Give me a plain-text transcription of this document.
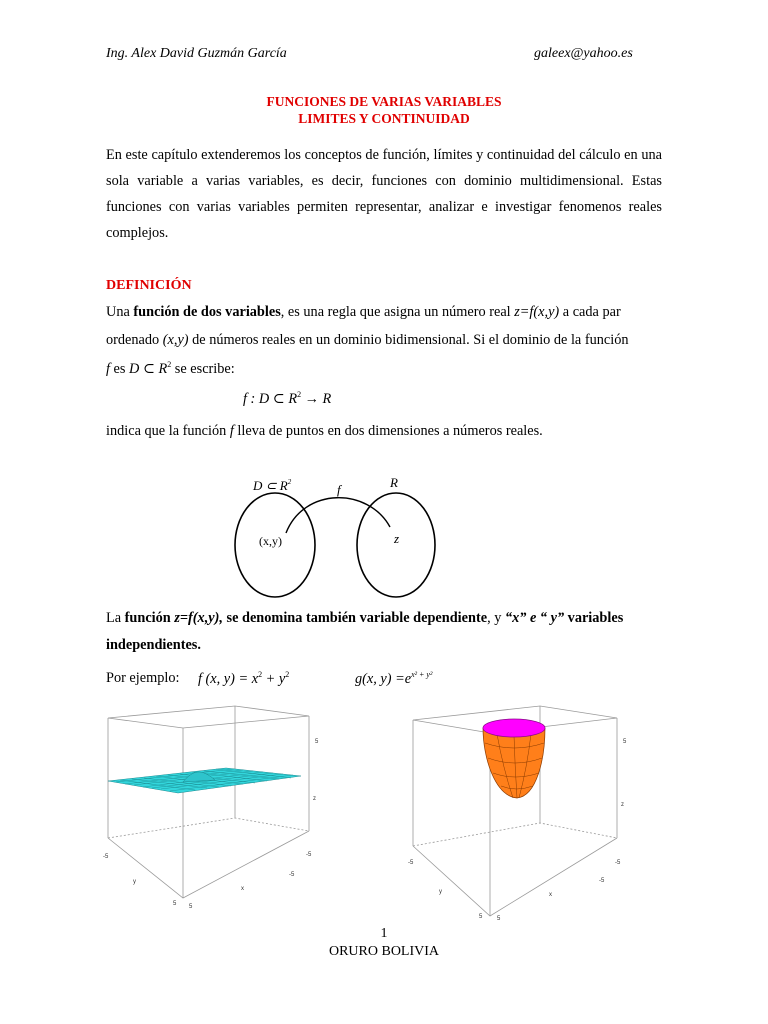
Ing. Alex David Guzmán García	galeex@yahoo.es
FUNCIONES DE VARIAS VARIABLES
LIMITES Y CONTINUIDAD
En este capítulo extenderemos los conceptos de función, límites y continuidad del cálculo en una sola variable a varias variables, es decir, funciones con dominio multidimensional. Estas funciones con varias variables permiten representar, analizar e investigar fenomenos reales complejos.
DEFINICIÓN
Una función de dos variables, es una regla que asigna un número real z=f(x,y) a cada par
ordenado (x,y) de números reales en un dominio bidimensional. Si el dominio de la función
f es D ⊂ $R^2$ se escribe:
f : D ⊂ $R^2 \to R$
indica que la función f lleva de puntos en dos dimensiones a números reales.
D ⊂ $R^2$	f	R
(x,y)	z
La función z=f(x,y), se denomina también variable dependiente, y “x” e “ y” variables
independientes.
Por ejemplo: f (x, $y) = x^2 + y^2$	g(x, $y) =e^{x^2 + y^2}$
5
z
-5
-5
y
-5
x
5 5
5
z
-5
-5
y
-5
x
5 5
1
ORURO BOLIVIA
